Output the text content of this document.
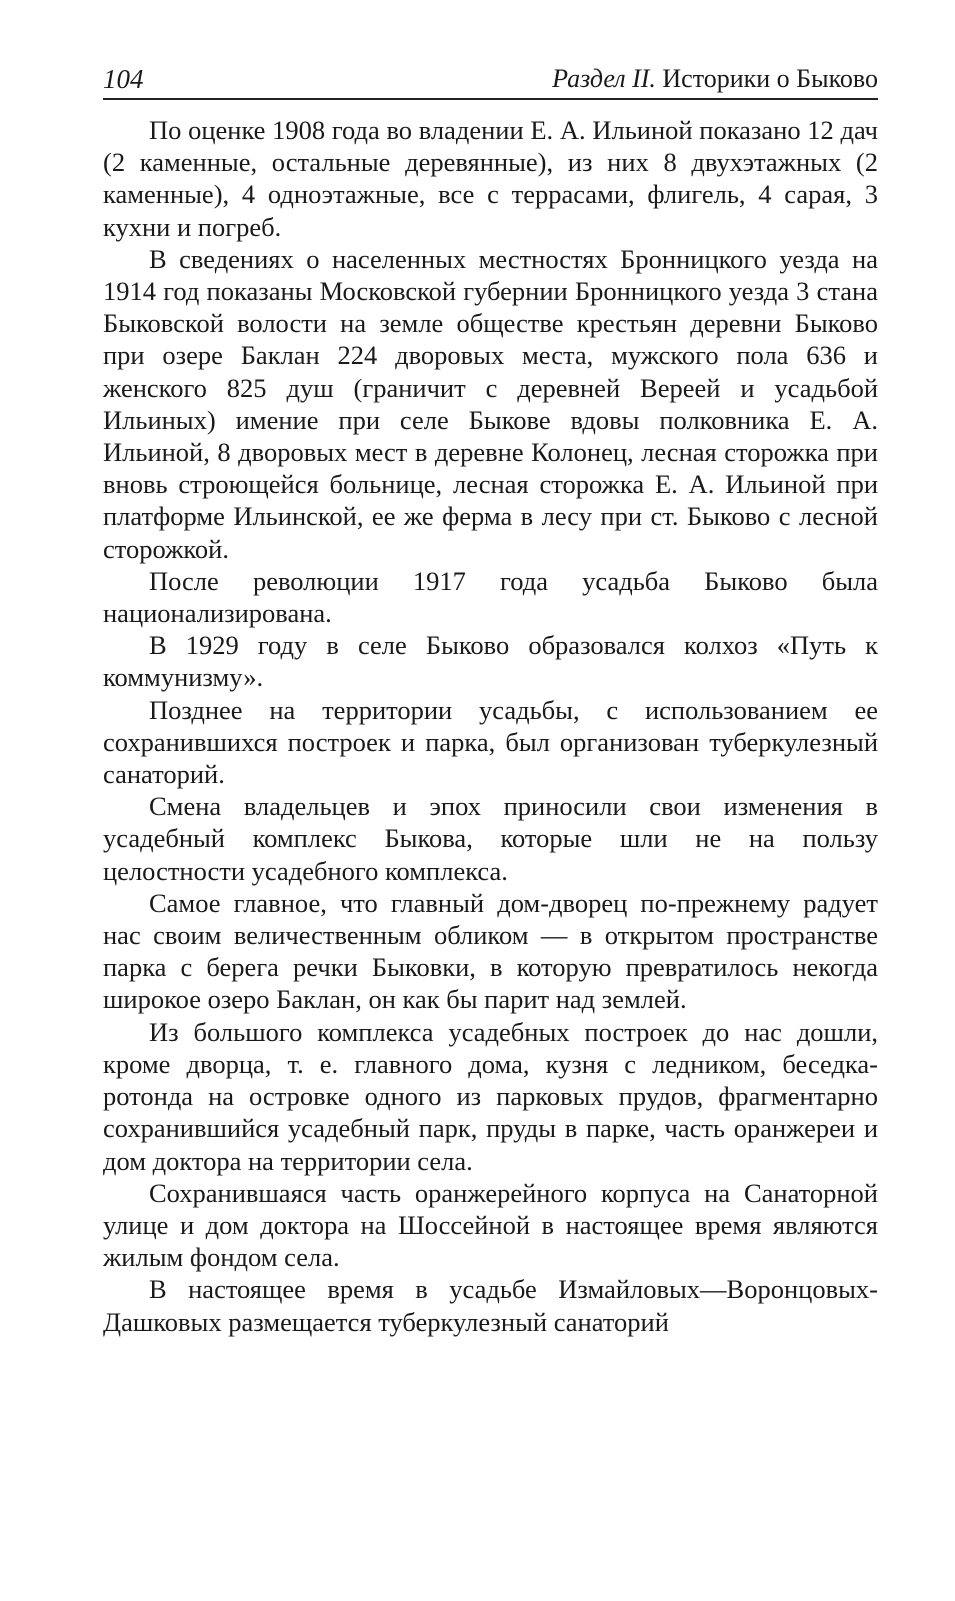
104	Раздел II. Историки о Быково

По оценке 1908 года во владении Е. А. Ильиной показано 12 дач (2 каменные, остальные деревянные), из них 8 двухэтажных (2 каменные), 4 одноэтажные, все с террасами, флигель, 4 сарая, 3 кухни и погреб.

В сведениях о населенных местностях Бронницкого уезда на 1914 год показаны Московской губернии Бронницкого уезда 3 стана Быковской волости на земле обществе крестьян деревни Быково при озере Баклан 224 дворовых места, мужского пола 636 и женского 825 душ (граничит с деревней Вереей и усадьбой Ильиных) имение при селе Быкове вдовы полковника Е. А. Ильиной, 8 дворовых мест в деревне Колонец, лесная сторожка при вновь строющейся больнице, лесная сторожка Е. А. Ильиной при платформе Ильинской, ее же ферма в лесу при ст. Быково с лесной сторожкой.

После революции 1917 года усадьба Быково была национализирована.

В 1929 году в селе Быково образовался колхоз «Путь к коммунизму».

Позднее на территории усадьбы, с использованием ее сохранившихся построек и парка, был организован туберкулезный санаторий.

Смена владельцев и эпох приносили свои изменения в усадебный комплекс Быкова, которые шли не на пользу целостности усадебного комплекса.

Самое главное, что главный дом-дворец по-прежнему радует нас своим величественным обликом — в открытом пространстве парка с берега речки Быковки, в которую превратилось некогда широкое озеро Баклан, он как бы парит над землей.

Из большого комплекса усадебных построек до нас дошли, кроме дворца, т. е. главного дома, кузня с ледником, беседка-ротонда на островке одного из парковых прудов, фрагментарно сохранившийся усадебный парк, пруды в парке, часть оранжереи и дом доктора на территории села.

Сохранившаяся часть оранжерейного корпуса на Санаторной улице и дом доктора на Шоссейной в настоящее время являются жилым фондом села.

В настоящее время в усадьбе Измайловых—Воронцовых-Дашковых размещается туберкулезный санаторий
